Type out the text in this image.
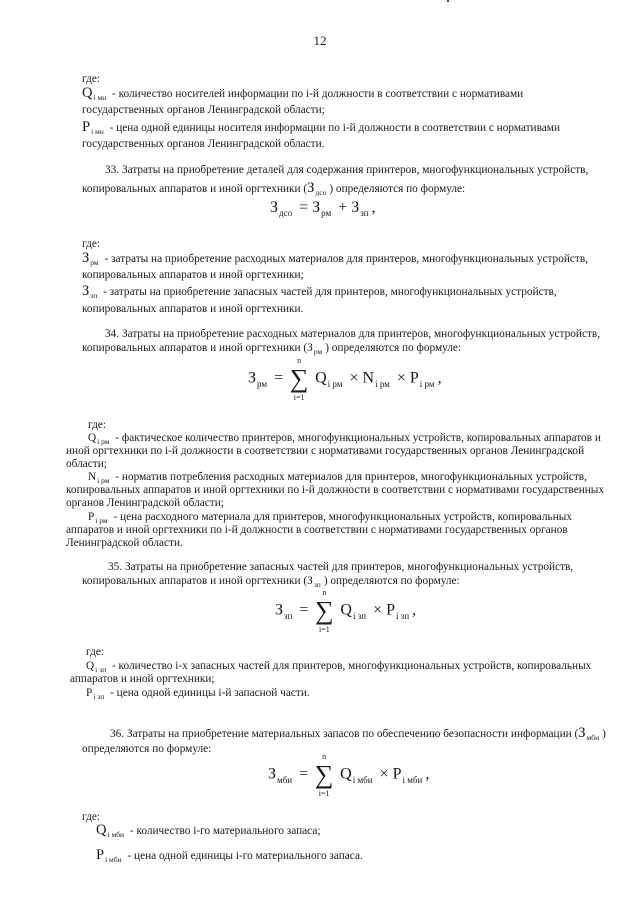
12
где:
$Q_{i мн}$ - количество носителей информации по i-й должности в соответствии с нормативами
государственных органов Ленинградской области;
$P_{i мн}$ - цена одной единицы носителя информации по i-й должности в соответствии с нормативами
государственных органов Ленинградской области.
33. Затраты на приобретение деталей для содержания принтеров, многофункциональных устройств,
копировальных аппаратов и иной оргтехники ($З_{дсо}$ ) определяются по формуле:
$З_{дсо} = З_{рм} + З_{зп}$ ,
где:
$З_{рм}$ - затраты на приобретение расходных материалов для принтеров, многофункциональных устройств,
копировальных аппаратов и иной оргтехники;
$З_{зп}$ - затраты на приобретение запасных частей для принтеров, многофункциональных устройств,
копировальных аппаратов и иной оргтехники.
34. Затраты на приобретение расходных материалов для принтеров, многофункциональных устройств,
копировальных аппаратов и иной оргтехники ($З_{рм}$ ) определяются по формуле:
$З_{рм}$ =
n
∑
i=1
$Q_{i рм} \times N_{i рм} \times P_{i рм}$ ,
где:
$Q_{i рм}$ - фактическое количество принтеров, многофункциональных устройств, копировальных аппаратов и
иной оргтехники по i-й должности в соответствии с нормативами государственных органов Ленинградской
области;
$N_{i рм}$ - норматив потребления расходных материалов для принтеров, многофункциональных устройств,
копировальных аппаратов и иной оргтехники по i-й должности в соответствии с нормативами государственных
органов Ленинградской области;
$P_{i рм}$ - цена расходного материала для принтеров, многофункциональных устройств, копировальных
аппаратов и иной оргтехники по i-й должности в соответствии с нормативами государственных органов
Ленинградской области.
35. Затраты на приобретение запасных частей для принтеров, многофункциональных устройств,
копировальных аппаратов и иной оргтехники ($З_{зп}$ ) определяются по формуле:
$З_{зп}$ =
n
∑
i=1
$Q_{i зп} \times P_{i зп}$ ,
где:
$Q_{i зп}$ - количество i-х запасных частей для принтеров, многофункциональных устройств, копировальных
аппаратов и иной оргтехники;
$P_{i зп}$ - цена одной единицы i-й запасной части.
36. Затраты на приобретение материальных запасов по обеспечению безопасности информации ($З_{мби}$ )
определяются по формуле:
$З_{мби}$ =
n
∑
i=1
$Q_{i мби} \times P_{i мби}$ ,
где:
$Q_{i мби}$ - количество i-го материального запаса;
$P_{i мби}$ - цена одной единицы i-го материального запаса.
